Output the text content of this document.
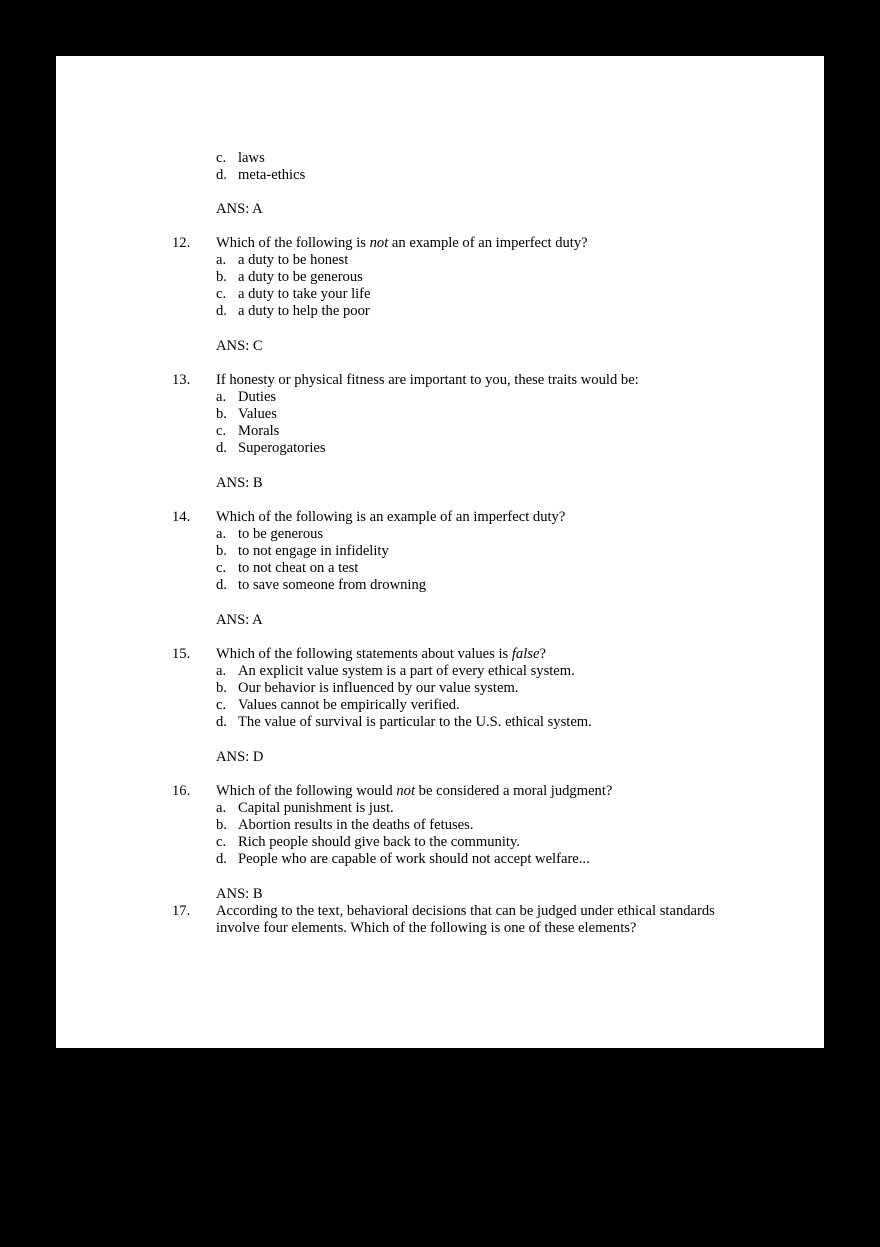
c. laws
d. meta-ethics
ANS: A
12. Which of the following is not an example of an imperfect duty?
a. a duty to be honest
b. a duty to be generous
c. a duty to take your life
d. a duty to help the poor
ANS: C
13. If honesty or physical fitness are important to you, these traits would be:
a. Duties
b. Values
c. Morals
d. Superogatories
ANS: B
14. Which of the following is an example of an imperfect duty?
a. to be generous
b. to not engage in infidelity
c. to not cheat on a test
d. to save someone from drowning
ANS: A
15. Which of the following statements about values is false?
a. An explicit value system is a part of every ethical system.
b. Our behavior is influenced by our value system.
c. Values cannot be empirically verified.
d. The value of survival is particular to the U.S. ethical system.
ANS: D
16. Which of the following would not be considered a moral judgment?
a. Capital punishment is just.
b. Abortion results in the deaths of fetuses.
c. Rich people should give back to the community.
d. People who are capable of work should not accept welfare...
ANS: B
17. According to the text, behavioral decisions that can be judged under ethical standards
involve four elements. Which of the following is one of these elements?
